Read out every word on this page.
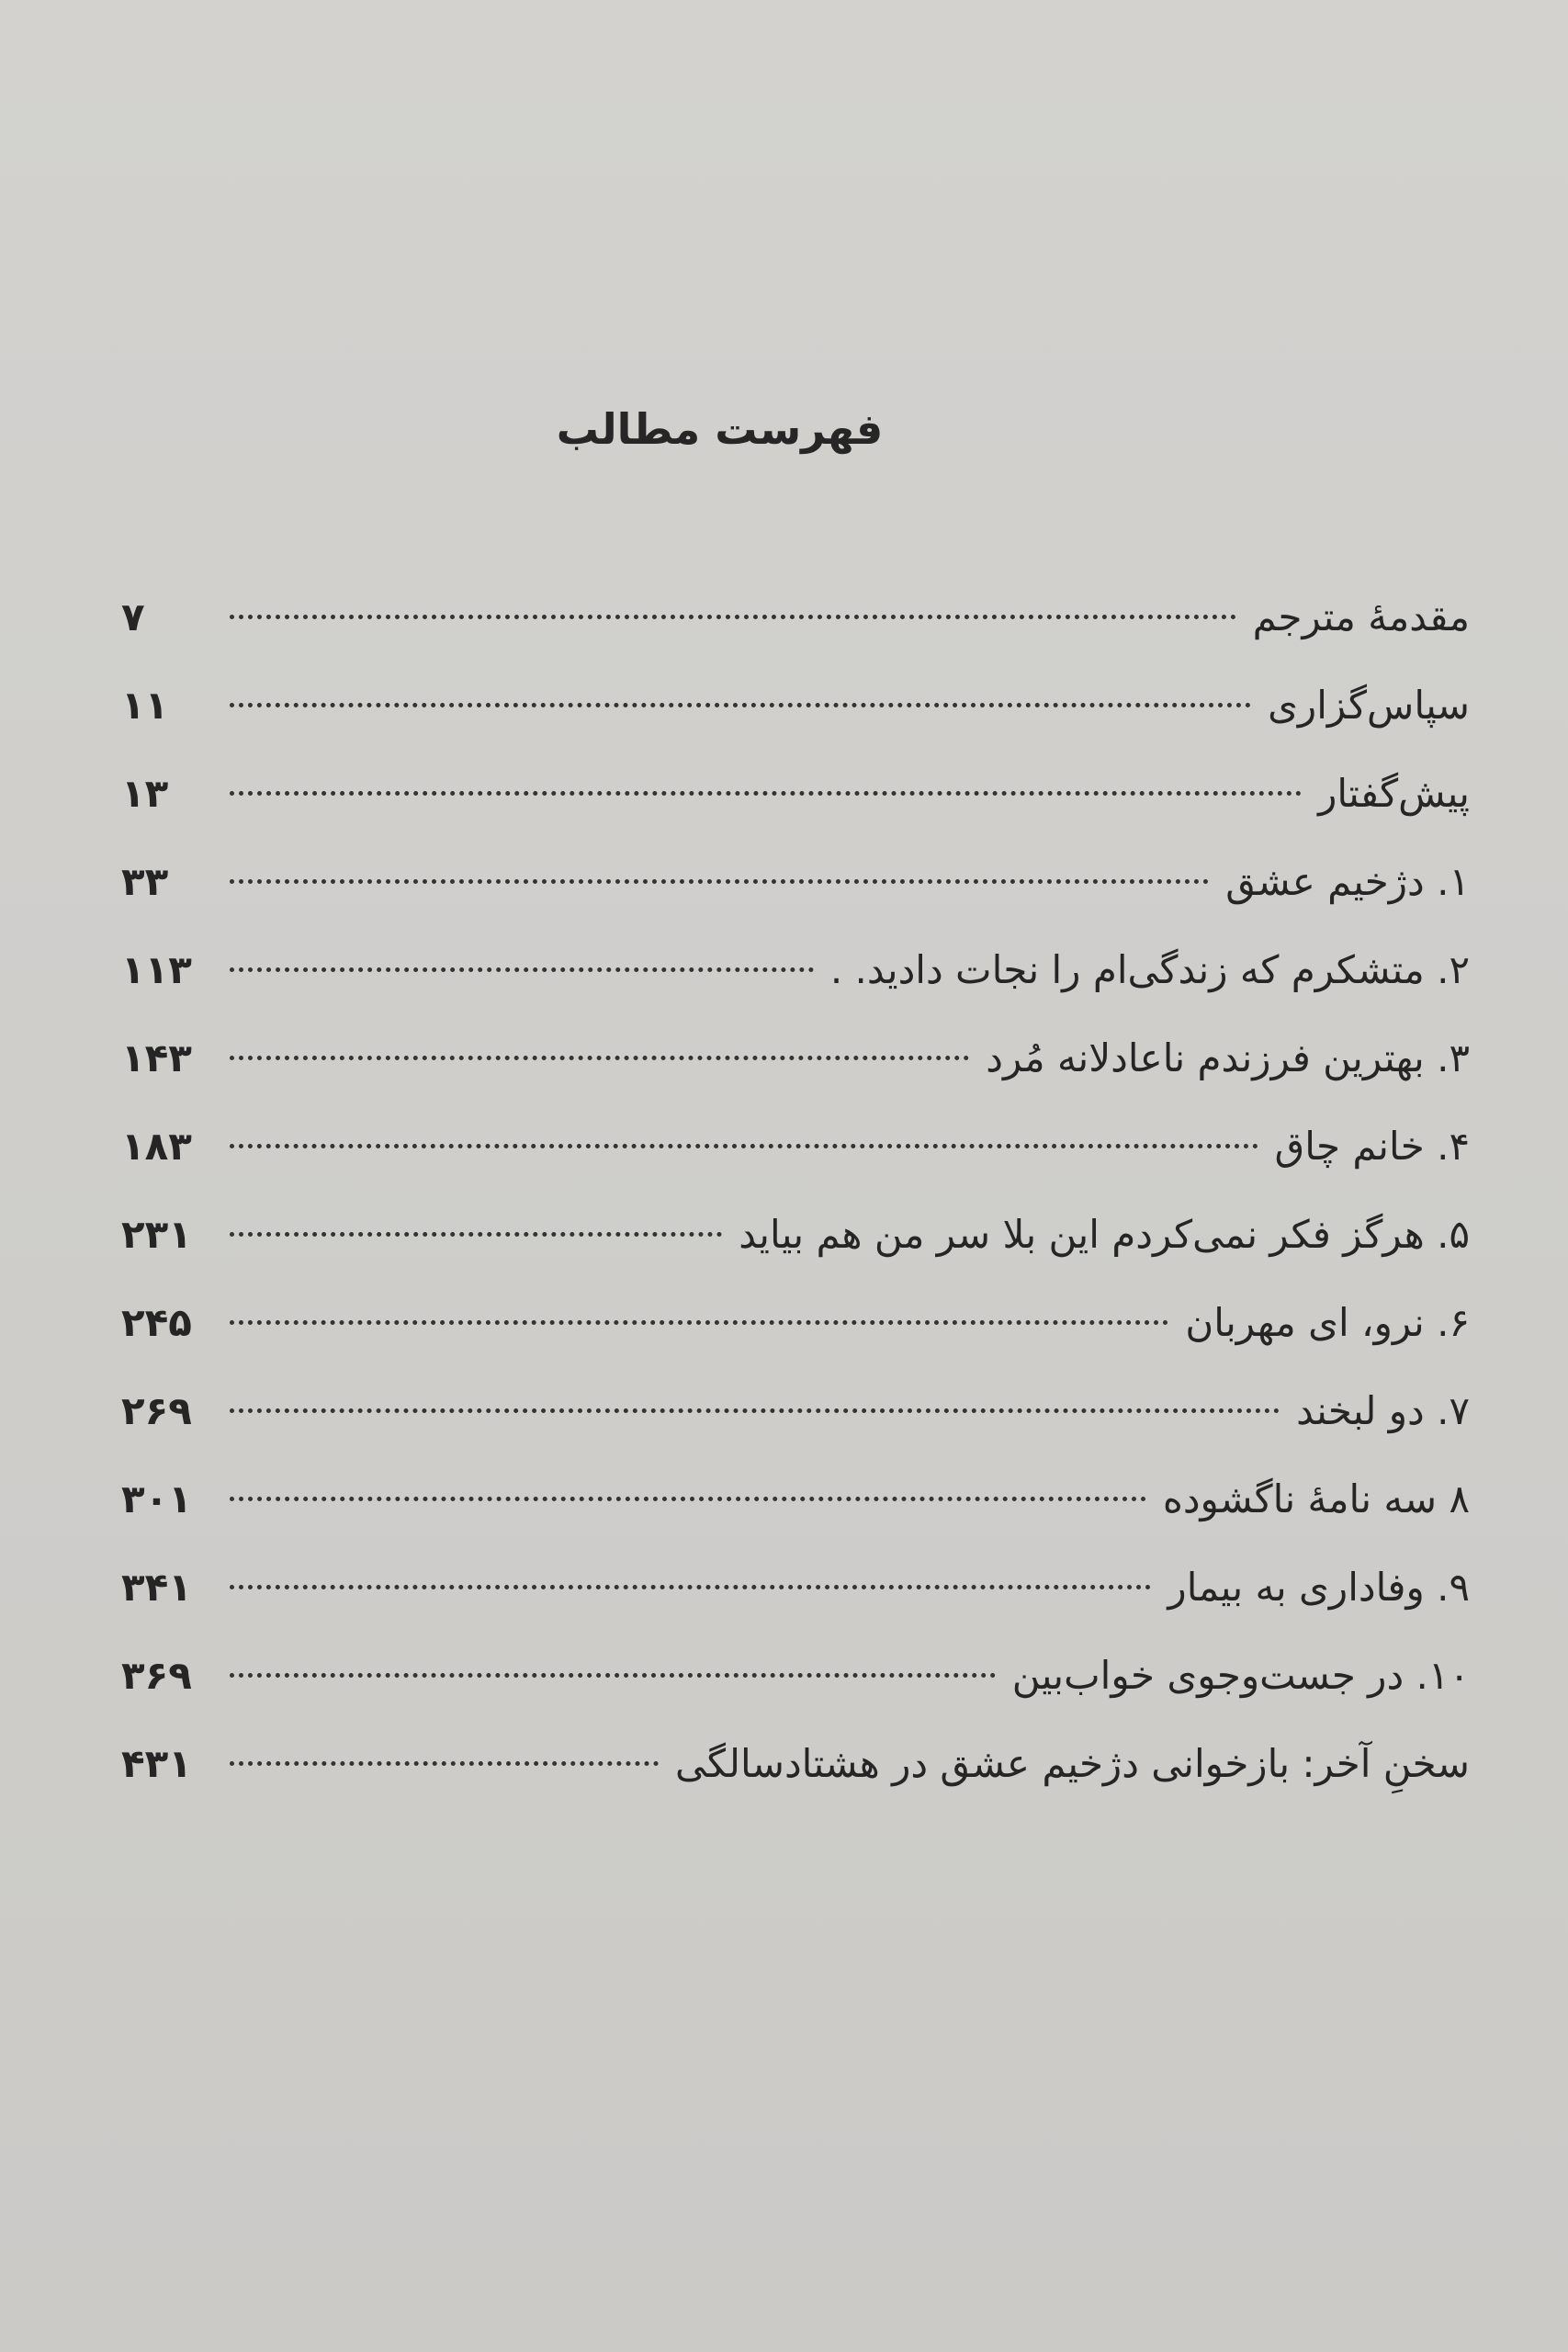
فهرست مطالب
مقدمهٔ مترجم
۷
سپاس‌گزاری
۱۱
پیش‌گفتار
۱۳
۱. دژخیم عشق
۳۳
۲. متشکرم که زندگی‌ام را نجات دادید. .
۱۱۳
۳. بهترین فرزندم ناعادلانه مُرد
۱۴۳
۴. خانم چاق
۱۸۳
۵. هرگز فکر نمی‌کردم این بلا سر من هم بیاید
۲۳۱
۶. نرو، ای مهربان
۲۴۵
۷. دو لبخند
۲۶۹
۸ سه نامهٔ ناگشوده
۳۰۱
۹. وفاداری به بیمار
۳۴۱
۱۰. در جست‌وجوی خواب‌بین
۳۶۹
سخنِ آخر: بازخوانی دژخیم عشق در هشتادسالگی
۴۳۱
